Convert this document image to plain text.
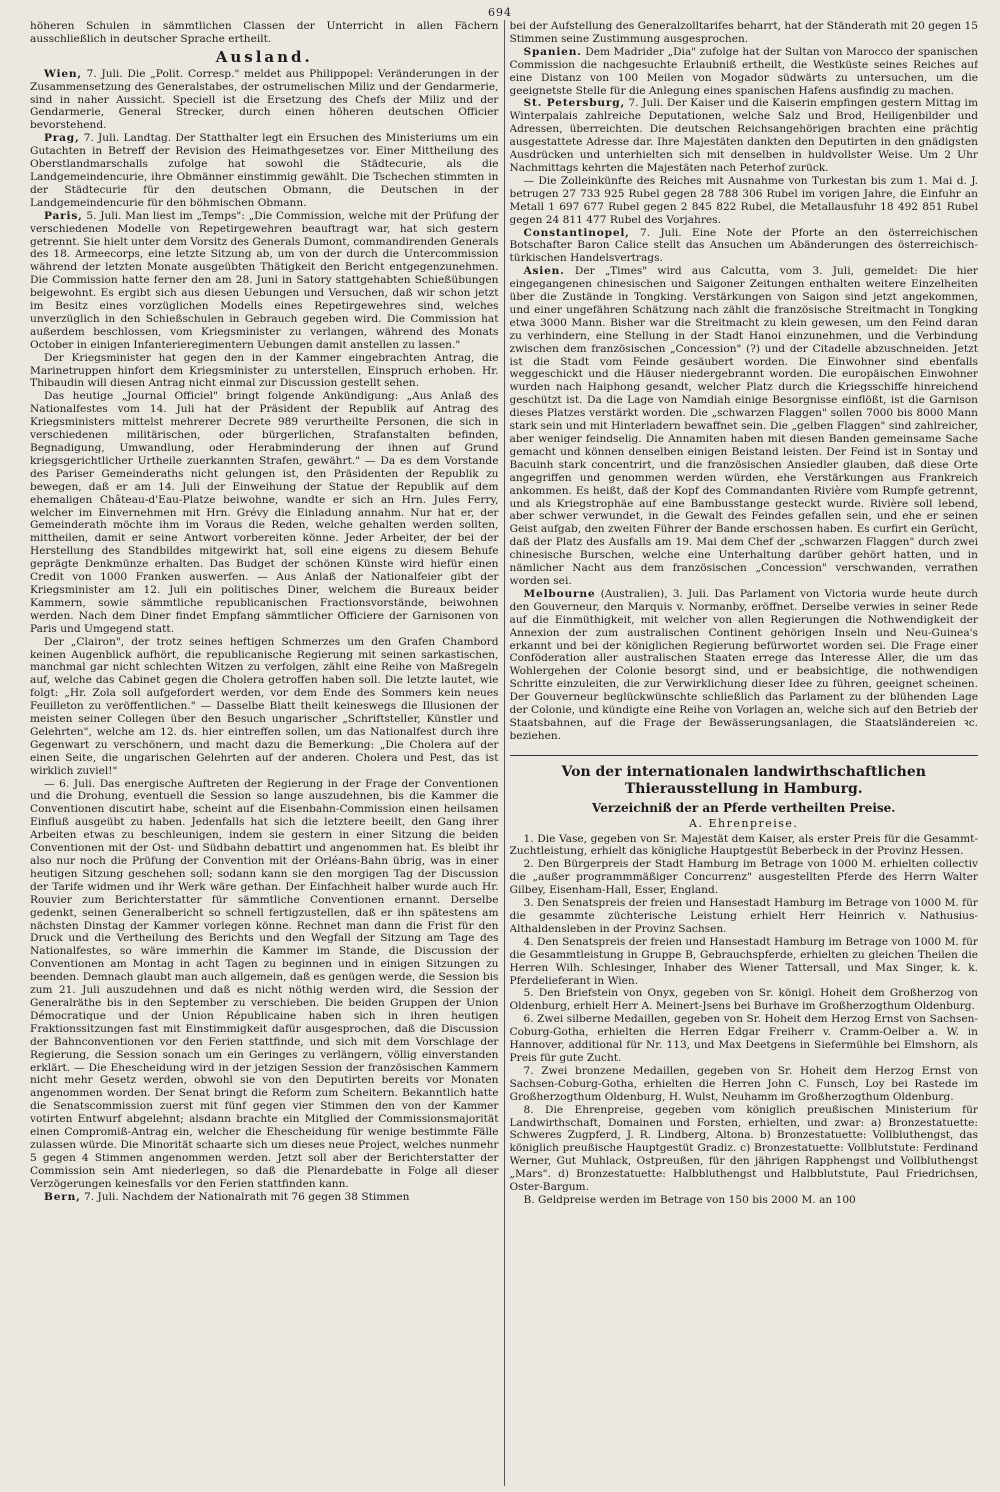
694

höheren Schulen in sämmtlichen Classen der Unterricht in allen Fächern ausschließlich in deutscher Sprache ertheilt.

Ausland.

Wien, 7. Juli. Die „Polit. Corresp." meldet aus Philippopel: Veränderungen in der Zusammensetzung des Generalstabes, der ostrumelischen Miliz und der Gendarmerie, sind in naher Aussicht. Speciell ist die Ersetzung des Chefs der Miliz und der Gendarmerie, General Strecker, durch einen höheren deutschen Officier bevorstehend.

Prag, 7. Juli. Landtag. Der Statthalter legt ein Ersuchen des Ministeriums um ein Gutachten in Betreff der Revision des Heimathgesetzes vor. Einer Mittheilung des Oberstlandmarschalls zufolge hat sowohl die Städtecurie, als die Landgemeindencurie, ihre Obmänner einstimmig gewählt. Die Tschechen stimmten in der Städtecurie für den deutschen Obmann, die Deutschen in der Landgemeindencurie für den böhmischen Obmann.

Paris, 5. Juli. Man liest im „Temps": „Die Commission, welche mit der Prüfung der verschiedenen Modelle von Repetirgewehren beauftragt war, hat sich gestern getrennt. Sie hielt unter dem Vorsitz des Generals Dumont, commandirenden Generals des 18. Armeecorps, eine letzte Sitzung ab, um von der durch die Untercommission während der letzten Monate ausgeübten Thätigkeit den Bericht entgegenzunehmen. Die Commission hatte ferner den am 28. Juni in Satory stattgehabten Schießübungen beigewohnt. Es ergibt sich aus diesen Uebungen und Versuchen, daß wir schon jetzt im Besitz eines vorzüglichen Modells eines Repetirgewehres sind, welches unverzüglich in den Schießschulen in Gebrauch gegeben wird. Die Commission hat außerdem beschlossen, vom Kriegsminister zu verlangen, während des Monats October in einigen Infanterieregimentern Uebungen damit anstellen zu lassen."

Der Kriegsminister hat gegen den in der Kammer eingebrachten Antrag, die Marinetruppen hinfort dem Kriegsminister zu unterstellen, Einspruch erhoben. Hr. Thibaudin will diesen Antrag nicht einmal zur Discussion gestellt sehen.

Das heutige „Journal Officiel" bringt folgende Ankündigung: „Aus Anlaß des Nationalfestes vom 14. Juli hat der Präsident der Republik auf Antrag des Kriegsministers mittelst mehrerer Decrete 989 verurtheilte Personen, die sich in verschiedenen militärischen, oder bürgerlichen, Strafanstalten befinden, Begnadigung, Umwandlung, oder Herabminderung der ihnen auf Grund kriegsgerichtlicher Urtheile zuerkannten Strafen, gewährt." — Da es dem Vorstande des Pariser Gemeinderaths nicht gelungen ist, den Präsidenten der Republik zu bewegen, daß er am 14. Juli der Einweihung der Statue der Republik auf dem ehemaligen Château-d'Eau-Platze beiwohne, wandte er sich an Hrn. Jules Ferry, welcher im Einvernehmen mit Hrn. Grévy die Einladung annahm. Nur hat er, der Gemeinderath möchte ihm im Voraus die Reden, welche gehalten werden sollten, mittheilen, damit er seine Antwort vorbereiten könne. Jeder Arbeiter, der bei der Herstellung des Standbildes mitgewirkt hat, soll eine eigens zu diesem Behufe geprägte Denkmünze erhalten. Das Budget der schönen Künste wird hiefür einen Credit von 1000 Franken auswerfen. — Aus Anlaß der Nationalfeier gibt der Kriegsminister am 12. Juli ein politisches Diner, welchem die Bureaux beider Kammern, sowie sämmtliche republicanischen Fractionsvorstände, beiwohnen werden. Nach dem Diner findet Empfang sämmtlicher Officiere der Garnisonen von Paris und Umgegend statt.

Der „Clairon", der trotz seines heftigen Schmerzes um den Grafen Chambord keinen Augenblick aufhört, die republicanische Regierung mit seinen sarkastischen, manchmal gar nicht schlechten Witzen zu verfolgen, zählt eine Reihe von Maßregeln auf, welche das Cabinet gegen die Cholera getroffen haben soll. Die letzte lautet, wie folgt: „Hr. Zola soll aufgefordert werden, vor dem Ende des Sommers kein neues Feuilleton zu veröffentlichen." — Dasselbe Blatt theilt keineswegs die Illusionen der meisten seiner Collegen über den Besuch ungarischer „Schriftsteller, Künstler und Gelehrten", welche am 12. ds. hier eintreffen sollen, um das Nationalfest durch ihre Gegenwart zu verschönern, und macht dazu die Bemerkung: „Die Cholera auf der einen Seite, die ungarischen Gelehrten auf der anderen. Cholera und Pest, das ist wirklich zuviel!"

— 6. Juli. Das energische Auftreten der Regierung in der Frage der Conventionen und die Drohung, eventuell die Session so lange auszudehnen, bis die Kammer die Conventionen discutirt habe, scheint auf die Eisenbahn-Commission einen heilsamen Einfluß ausgeübt zu haben. Jedenfalls hat sich die letztere beeilt, den Gang ihrer Arbeiten etwas zu beschleunigen, indem sie gestern in einer Sitzung die beiden Conventionen mit der Ost- und Südbahn debattirt und angenommen hat. Es bleibt ihr also nur noch die Prüfung der Convention mit der Orléans-Bahn übrig, was in einer heutigen Sitzung geschehen soll; sodann kann sie den morgigen Tag der Discussion der Tarife widmen und ihr Werk wäre gethan. Der Einfachheit halber wurde auch Hr. Rouvier zum Berichterstatter für sämmtliche Conventionen ernannt. Derselbe gedenkt, seinen Generalbericht so schnell fertigzustellen, daß er ihn spätestens am nächsten Dinstag der Kammer vorlegen könne. Rechnet man dann die Frist für den Druck und die Vertheilung des Berichts und den Wegfall der Sitzung am Tage des Nationalfestes, so wäre immerhin die Kammer im Stande, die Discussion der Conventionen am Montag in acht Tagen zu beginnen und in einigen Sitzungen zu beenden. Demnach glaubt man auch allgemein, daß es genügen werde, die Session bis zum 21. Juli auszudehnen und daß es nicht nöthig werden wird, die Session der Generalräthe bis in den September zu verschieben. Die beiden Gruppen der Union Démocratique und der Union Républicaine haben sich in ihren heutigen Fraktionssitzungen fast mit Einstimmigkeit dafür ausgesprochen, daß die Discussion der Bahnconventionen vor den Ferien stattfinde, und sich mit dem Vorschlage der Regierung, die Session sonach um ein Geringes zu verlängern, völlig einverstanden erklärt. — Die Ehescheidung wird in der jetzigen Session der französischen Kammern nicht mehr Gesetz werden, obwohl sie von den Deputirten bereits vor Monaten angenommen worden. Der Senat bringt die Reform zum Scheitern. Bekanntlich hatte die Senatscommission zuerst mit fünf gegen vier Stimmen den von der Kammer votirten Entwurf abgelehnt; alsdann brachte ein Mitglied der Commissionsmajorität einen Compromiß-Antrag ein, welcher die Ehescheidung für wenige bestimmte Fälle zulassen würde. Die Minorität schaarte sich um dieses neue Project, welches nunmehr 5 gegen 4 Stimmen angenommen werden. Jetzt soll aber der Berichterstatter der Commission sein Amt niederlegen, so daß die Plenardebatte in Folge all dieser Verzögerungen keinesfalls vor den Ferien stattfinden kann.

Bern, 7. Juli. Nachdem der Nationalrath mit 76 gegen 38 Stimmen

bei der Aufstellung des Generalzolltarifes beharrt, hat der Ständerath mit 20 gegen 15 Stimmen seine Zustimmung ausgesprochen.

Spanien. Dem Madrider „Dia" zufolge hat der Sultan von Marocco der spanischen Commission die nachgesuchte Erlaubniß ertheilt, die Westküste seines Reiches auf eine Distanz von 100 Meilen von Mogador südwärts zu untersuchen, um die geeignetste Stelle für die Anlegung eines spanischen Hafens ausfindig zu machen.

St. Petersburg, 7. Juli. Der Kaiser und die Kaiserin empfingen gestern Mittag im Winterpalais zahlreiche Deputationen, welche Salz und Brod, Heiligenbilder und Adressen, überreichten. Die deutschen Reichsangehörigen brachten eine prächtig ausgestattete Adresse dar. Ihre Majestäten dankten den Deputirten in den gnädigsten Ausdrücken und unterhielten sich mit denselben in huldvollster Weise. Um 2 Uhr Nachmittags kehrten die Majestäten nach Peterhof zurück.

— Die Zolleinkünfte des Reiches mit Ausnahme von Turkestan bis zum 1. Mai d. J. betrugen 27 733 925 Rubel gegen 28 788 306 Rubel im vorigen Jahre, die Einfuhr an Metall 1 697 677 Rubel gegen 2 845 822 Rubel, die Metallausfuhr 18 492 851 Rubel gegen 24 811 477 Rubel des Vorjahres.

Constantinopel, 7. Juli. Eine Note der Pforte an den österreichischen Botschafter Baron Calice stellt das Ansuchen um Abänderungen des österreichisch-türkischen Handelsvertrags.

Asien. Der „Times" wird aus Calcutta, vom 3. Juli, gemeldet: Die hier eingegangenen chinesischen und Saigoner Zeitungen enthalten weitere Einzelheiten über die Zustände in Tongking. Verstärkungen von Saigon sind jetzt angekommen, und einer ungefähren Schätzung nach zählt die französische Streitmacht in Tongking etwa 3000 Mann. Bisher war die Streitmacht zu klein gewesen, um den Feind daran zu verhindern, eine Stellung in der Stadt Hanoi einzunehmen, und die Verbindung zwischen dem französischen „Concession" (?) und der Citadelle abzuschneiden. Jetzt ist die Stadt vom Feinde gesäubert worden. Die Einwohner sind ebenfalls weggeschickt und die Häuser niedergebrannt worden. Die europäischen Einwohner wurden nach Haiphong gesandt, welcher Platz durch die Kriegsschiffe hinreichend geschützt ist. Da die Lage von Namdiah einige Besorgnisse einflößt, ist die Garnison dieses Platzes verstärkt worden. Die „schwarzen Flaggen" sollen 7000 bis 8000 Mann stark sein und mit Hinterladern bewaffnet sein. Die „gelben Flaggen" sind zahlreicher, aber weniger feindselig. Die Annamiten haben mit diesen Banden gemeinsame Sache gemacht und können denselben einigen Beistand leisten. Der Feind ist in Sontay und Bacuinh stark concentrirt, und die französischen Ansiedler glauben, daß diese Orte angegriffen und genommen werden würden, ehe Verstärkungen aus Frankreich ankommen. Es heißt, daß der Kopf des Commandanten Rivière vom Rumpfe getrennt, und als Kriegstrophäe auf eine Bambusstange gesteckt wurde. Rivière soll lebend, aber schwer verwundet, in die Gewalt des Feindes gefallen sein, und ehe er seinen Geist aufgab, den zweiten Führer der Bande erschossen haben. Es curfirt ein Gerücht, daß der Platz des Ausfalls am 19. Mai dem Chef der „schwarzen Flaggen" durch zwei chinesische Burschen, welche eine Unterhaltung darüber gehört hatten, und in nämlicher Nacht aus dem französischen „Concession" verschwanden, verrathen worden sei.

Melbourne (Australien), 3. Juli. Das Parlament von Victoria wurde heute durch den Gouverneur, den Marquis v. Normanby, eröffnet. Derselbe verwies in seiner Rede auf die Einmüthigkeit, mit welcher von allen Regierungen die Nothwendigkeit der Annexion der zum australischen Continent gehörigen Inseln und Neu-Guinea's erkannt und bei der königlichen Regierung befürwortet worden sei. Die Frage einer Conföderation aller australischen Staaten errege das Interesse Aller, die um das Wohlergehen der Colonie besorgt sind, und er beabsichtige, die nothwendigen Schritte einzuleiten, die zur Verwirklichung dieser Idee zu führen, geeignet scheinen. Der Gouverneur beglückwünschte schließlich das Parlament zu der blühenden Lage der Colonie, und kündigte eine Reihe von Vorlagen an, welche sich auf den Betrieb der Staatsbahnen, auf die Frage der Bewässerungsanlagen, die Staatsländereien ꝛc. beziehen.

Von der internationalen landwirthschaftlichen Thierausstellung in Hamburg.
Verzeichniß der an Pferde vertheilten Preise.
A. Ehrenpreise.

1. Die Vase, gegeben von Sr. Majestät dem Kaiser, als erster Preis für die Gesammt-Zuchtleistung, erhielt das königliche Hauptgestüt Beberbeck in der Provinz Hessen.

2. Den Bürgerpreis der Stadt Hamburg im Betrage von 1000 M. erhielten collectiv die „außer programmmäßiger Concurrenz" ausgestellten Pferde des Herrn Walter Gilbey, Eisenham-Hall, Esser, England.

3. Den Senatspreis der freien und Hansestadt Hamburg im Betrage von 1000 M. für die gesammte züchterische Leistung erhielt Herr Heinrich v. Nathusius-Althaldensleben in der Provinz Sachsen.

4. Den Senatspreis der freien und Hansestadt Hamburg im Betrage von 1000 M. für die Gesammtleistung in Gruppe B, Gebrauchspferde, erhielten zu gleichen Theilen die Herren Wilh. Schlesinger, Inhaber des Wiener Tattersall, und Max Singer, k. k. Pferdelieferant in Wien.

5. Den Briefstein von Onyx, gegeben von Sr. königl. Hoheit dem Großherzog von Oldenburg, erhielt Herr A. Meinert-Jsens bei Burhave im Großherzogthum Oldenburg.

6. Zwei silberne Medaillen, gegeben von Sr. Hoheit dem Herzog Ernst von Sachsen-Coburg-Gotha, erhielten die Herren Edgar Freiherr v. Cramm-Oelber a. W. in Hannover, additional für Nr. 113, und Max Deetgens in Siefermühle bei Elmshorn, als Preis für gute Zucht.

7. Zwei bronzene Medaillen, gegeben von Sr. Hoheit dem Herzog Ernst von Sachsen-Coburg-Gotha, erhielten die Herren John C. Funsch, Loy bei Rastede im Großherzogthum Oldenburg, H. Wulst, Neuhamm im Großherzogthum Oldenburg.

8. Die Ehrenpreise, gegeben vom königlich preußischen Ministerium für Landwirthschaft, Domainen und Forsten, erhielten, und zwar: a) Bronzestatuette: Schweres Zugpferd, J. R. Lindberg, Altona. b) Bronzestatuette: Vollbluthengst, das königlich preußische Hauptgestüt Gradiz. c) Bronzestatuette: Vollblutstute: Ferdinand Werner, Gut Muhlack, Ostpreußen, für den jährigen Rapphengst und Vollbluthengst „Mars". d) Bronzestatuette: Halbbluthengst und Halbblutstute, Paul Friedrichsen, Oster-Bargum.

B. Geldpreise werden im Betrage von 150 bis 2000 M. an 100
